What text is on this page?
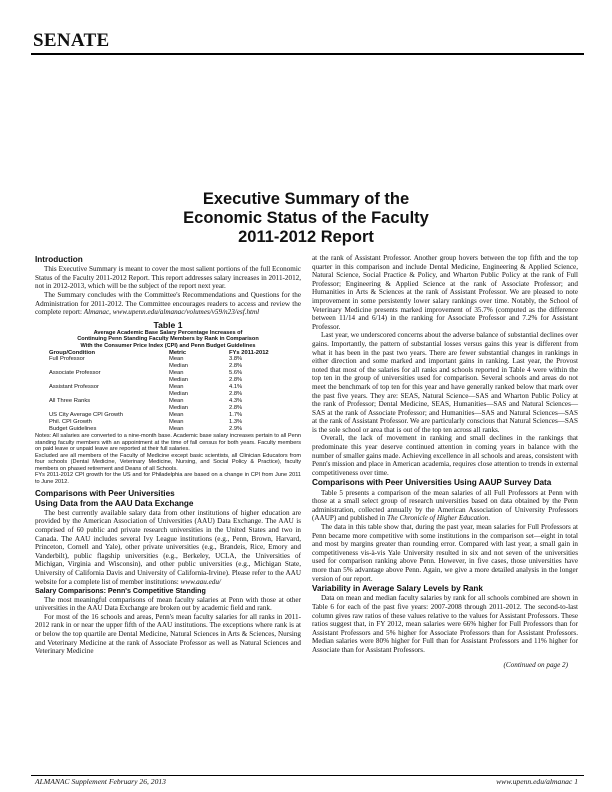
SENATE
Executive Summary of the
Economic Status of the Faculty
2011-2012 Report
Introduction

This Executive Summary is meant to cover the most salient portions of the full Economic Status of the Faculty 2011-2012 Report. This report addresses salary increases in 2011-2012, not in 2012-2013, which will be the subject of the report next year.

The Summary concludes with the Committee's Recommendations and Questions for the Administration for 2011-2012. The Committee encourages readers to access and review the complete report: Almanac, www.upenn.edu/almanac/volumes/v59/n23/esf.html

Table 1
Average Academic Base Salary Percentage Increases of
Continuing Penn Standing Faculty Members by Rank in Comparison
With the Consumer Price Index (CPI) and Penn Budget Guidelines
Group/Condition	Metric	FYs 2011-2012
Full Professor	Mean	3.8%
	Median	2.8%
Associate Professor	Mean	5.6%
	Median	2.8%
Assistant Professor	Mean	4.1%
	Median	2.8%
All Three Ranks	Mean	4.3%
	Median	2.8%
US City Average CPI Growth	Mean	1.7%
Phil. CPI Growth	Mean	1.3%
Budget Guidelines	Mean	2.9%

Notes: All salaries are converted to a nine-month base. Academic base salary increases pertain to all Penn standing faculty members with an appointment at the time of fall census for both years. Faculty members on paid leave or unpaid leave are reported at their full salaries.

Excluded are all members of the Faculty of Medicine except basic scientists, all Clinician Educators from four schools (Dental Medicine, Veterinary Medicine, Nursing, and Social Policy & Practice), faculty members on phased retirement and Deans of all Schools.

FYs 2011-2012 CPI growth for the US and for Philadelphia are based on a change in CPI from June 2011 to June 2012.

Comparisons with Peer Universities
Using Data from the AAU Data Exchange

The best currently available salary data from other institutions of higher education are provided by the American Association of Universities (AAU) Data Exchange. The AAU is comprised of 60 public and private research universities in the United States and two in Canada. The AAU includes several Ivy League institutions (e.g., Penn, Brown, Harvard, Princeton, Cornell and Yale), other private universities (e.g., Brandeis, Rice, Emory and Vanderbilt), public flagship universities (e.g., Berkeley, UCLA, the Universities of Michigan, Virginia and Wisconsin), and other public universities (e.g., Michigan State, University of California Davis and University of California-Irvine). Please refer to the AAU website for a complete list of member institutions: www.aau.edu/

Salary Comparisons: Penn's Competitive Standing

The most meaningful comparisons of mean faculty salaries at Penn with those at other universities in the AAU Data Exchange are broken out by academic field and rank.

For most of the 16 schools and areas, Penn's mean faculty salaries for all ranks in 2011-2012 rank in or near the upper fifth of the AAU institutions. The exceptions where rank is at or below the top quartile are Dental Medicine, Natural Sciences in Arts & Sciences, Nursing and Veterinary Medicine at the rank of Associate Professor as well as Natural Sciences and Veterinary Medicine

at the rank of Assistant Professor. Another group hovers between the top fifth and the top quarter in this comparison and include Dental Medicine, Engineering & Applied Science, Natural Science, Social Practice & Policy, and Wharton Public Policy at the rank of Full Professor; Engineering & Applied Science at the rank of Associate Professor; and Humanities in Arts & Sciences at the rank of Assistant Professor. We are pleased to note improvement in some persistently lower salary rankings over time. Notably, the School of Veterinary Medicine presents marked improvement of 35.7% (computed as the difference between 11/14 and 6/14) in the ranking for Associate Professor and 7.2% for Assistant Professor.

Last year, we underscored concerns about the adverse balance of substantial declines over gains. Importantly, the pattern of substantial losses versus gains this year is different from what it has been in the past two years. There are fewer substantial changes in rankings in either direction and some marked and important gains in ranking. Last year, the Provost noted that most of the salaries for all ranks and schools reported in Table 4 were within the top ten in the group of universities used for comparison. Several schools and areas do not meet the benchmark of top ten for this year and have generally ranked below that mark over the past five years. They are: SEAS, Natural Science—SAS and Wharton Public Policy at the rank of Professor; Dental Medicine, SEAS, Humanities—SAS and Natural Sciences—SAS at the rank of Associate Professor; and Humanities—SAS and Natural Sciences—SAS at the rank of Assistant Professor. We are particularly conscious that Natural Sciences—SAS is the sole school or area that is out of the top ten across all ranks.

Overall, the lack of movement in ranking and small declines in the rankings that predominate this year deserve continued attention in coming years in balance with the number of smaller gains made. Achieving excellence in all schools and areas, consistent with Penn's mission and place in American academia, requires close attention to trends in external competitiveness over time.

Comparisons with Peer Universities Using AAUP Survey Data

Table 5 presents a comparison of the mean salaries of all Full Professors at Penn with those at a small select group of research universities based on data obtained by the Penn administration, collected annually by the American Association of University Professors (AAUP) and published in The Chronicle of Higher Education.

The data in this table show that, during the past year, mean salaries for Full Professors at Penn became more competitive with some institutions in the comparison set—eight in total and most by margins greater than rounding error. Compared with last year, a small gain in competitiveness vis-à-vis Yale University resulted in six and not seven of the universities used for comparison ranking above Penn. However, in five cases, those universities have more than 5% advantage above Penn. Again, we give a more detailed analysis in the longer version of our report.

Variability in Average Salary Levels by Rank

Data on mean and median faculty salaries by rank for all schools combined are shown in Table 6 for each of the past five years: 2007-2008 through 2011-2012. The second-to-last column gives raw ratios of these values relative to the values for Assistant Professors. These ratios suggest that, in FY 2012, mean salaries were 66% higher for Full Professors than for Assistant Professors and 5% higher for Associate Professors than for Assistant Professors. Median salaries were 80% higher for Full than for Assistant Professors and 11% higher for Associate than for Assistant Professors.

(Continued on page 2)
ALMANAC Supplement February 26, 2013	www.upenn.edu/almanac 1
